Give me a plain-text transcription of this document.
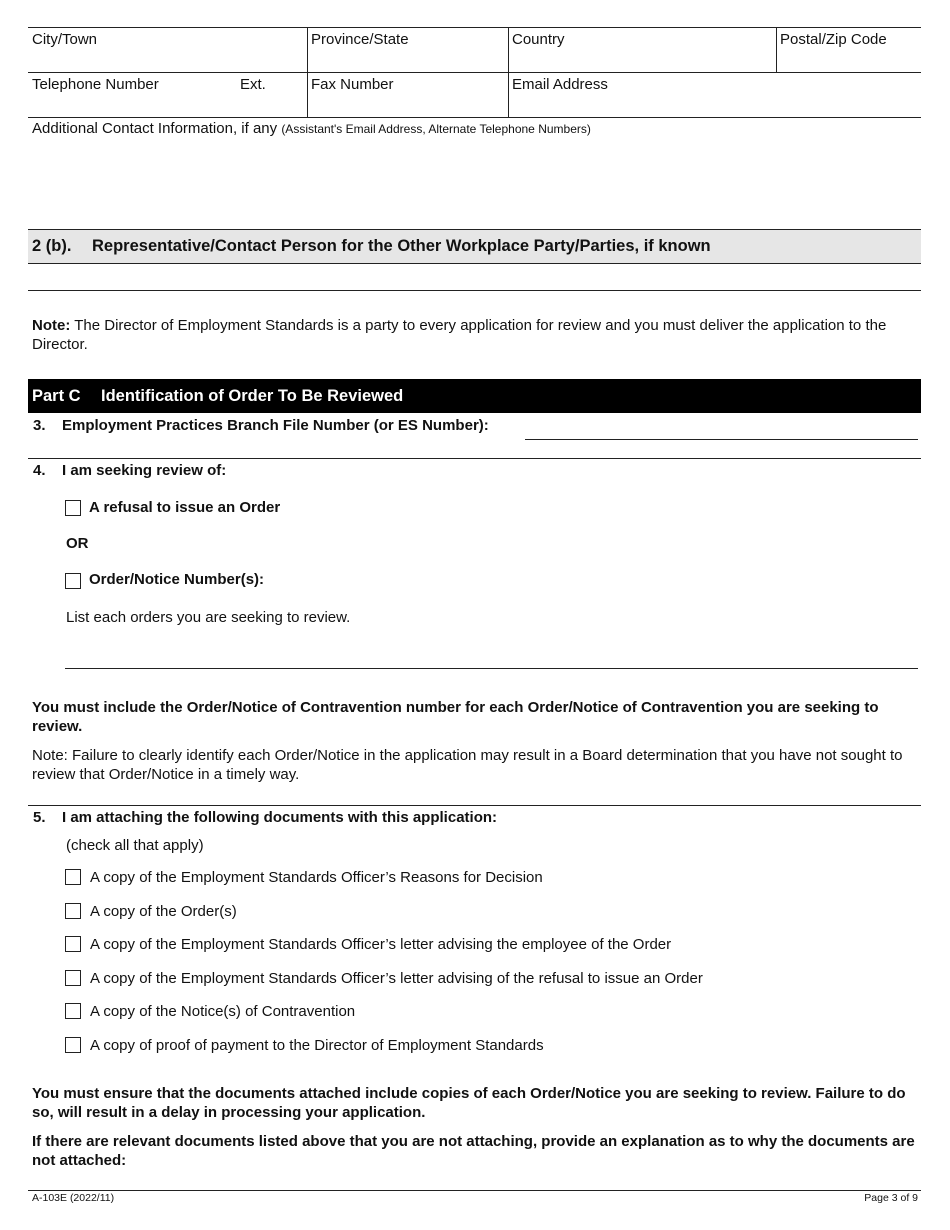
City/Town	Province/State	Country	Postal/Zip Code
Telephone Number	Ext.	Fax Number	Email Address
Additional Contact Information, if any (Assistant's Email Address, Alternate Telephone Numbers)
2 (b). Representative/Contact Person for the Other Workplace Party/Parties, if known
Note: The Director of Employment Standards is a party to every application for review and you must deliver the application to the Director.
Part C Identification of Order To Be Reviewed
3. Employment Practices Branch File Number (or ES Number):
4. I am seeking review of:
A refusal to issue an Order
OR
Order/Notice Number(s):
List each orders you are seeking to review.
You must include the Order/Notice of Contravention number for each Order/Notice of Contravention you are seeking to review.
Note: Failure to clearly identify each Order/Notice in the application may result in a Board determination that you have not sought to review that Order/Notice in a timely way.
5. I am attaching the following documents with this application:
(check all that apply)
A copy of the Employment Standards Officer’s Reasons for Decision
A copy of the Order(s)
A copy of the Employment Standards Officer’s letter advising the employee of the Order
A copy of the Employment Standards Officer’s letter advising of the refusal to issue an Order
A copy of the Notice(s) of Contravention
A copy of proof of payment to the Director of Employment Standards
You must ensure that the documents attached include copies of each Order/Notice you are seeking to review. Failure to do so, will result in a delay in processing your application.
If there are relevant documents listed above that you are not attaching, provide an explanation as to why the documents are not attached:
A-103E (2022/11)	Page 3 of 9
